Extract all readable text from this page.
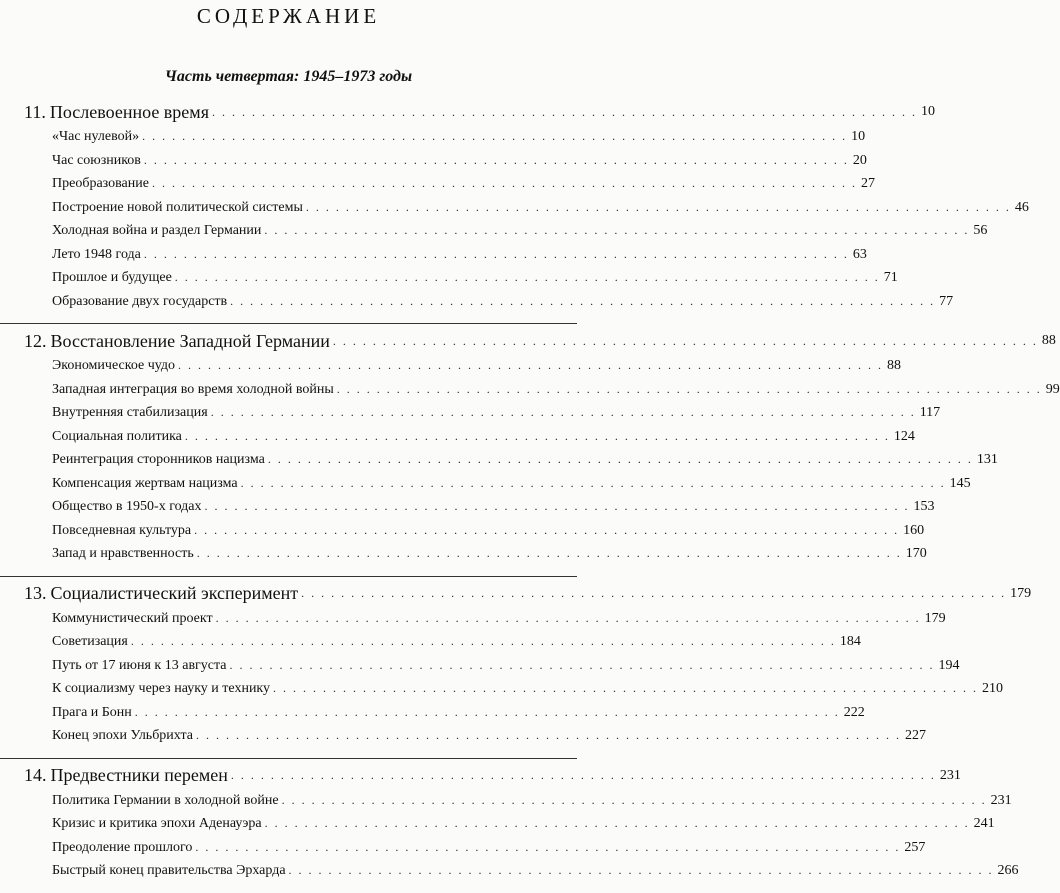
СОДЕРЖАНИЕ
Часть четвертая: 1945–1973 годы
11. Послевоенное время . . . . . . . . . . . . . . . . . . . . . . . . . . . . . . . . . . . . . . . . . . . . . . . . . . . . . . . . . . . . . . . . . . . . . . . 10
«Час нулевой» . . . . . . . . . . . . . . . . . . . . . . . . . . . . . . . . . . . . . . . . . . . . . . . . . . . . . . . . . . . . . . . . . . . . . . . 10
Час союзников . . . . . . . . . . . . . . . . . . . . . . . . . . . . . . . . . . . . . . . . . . . . . . . . . . . . . . . . . . . . . . . . . . . . . . . 20
Преобразование . . . . . . . . . . . . . . . . . . . . . . . . . . . . . . . . . . . . . . . . . . . . . . . . . . . . . . . . . . . . . . . . . . . . . . . 27
Построение новой политической системы . . . . . . . . . . . . . . . . . . . . . . . . . . . . . . . . . . . . . . . . . . . . . . . . . . . . . . . . . . . . . . . . . . . . . . . 46
Холодная война и раздел Германии . . . . . . . . . . . . . . . . . . . . . . . . . . . . . . . . . . . . . . . . . . . . . . . . . . . . . . . . . . . . . . . . . . . . . . . 56
Лето 1948 года . . . . . . . . . . . . . . . . . . . . . . . . . . . . . . . . . . . . . . . . . . . . . . . . . . . . . . . . . . . . . . . . . . . . . . . 63
Прошлое и будущее . . . . . . . . . . . . . . . . . . . . . . . . . . . . . . . . . . . . . . . . . . . . . . . . . . . . . . . . . . . . . . . . . . . . . . . 71
Образование двух государств . . . . . . . . . . . . . . . . . . . . . . . . . . . . . . . . . . . . . . . . . . . . . . . . . . . . . . . . . . . . . . . . . . . . . . . 77
12. Восстановление Западной Германии . . . . . . . . . . . . . . . . . . . . . . . . . . . . . . . . . . . . . . . . . . . . . . . . . . . . . . . . . . . . . . . . . . . . . . . 88
Экономическое чудо . . . . . . . . . . . . . . . . . . . . . . . . . . . . . . . . . . . . . . . . . . . . . . . . . . . . . . . . . . . . . . . . . . . . . . . 88
Западная интеграция во время холодной войны . . . . . . . . . . . . . . . . . . . . . . . . . . . . . . . . . . . . . . . . . . . . . . . . . . . . . . . . . . . . . . . . . . . . . . . 99
Внутренняя стабилизация . . . . . . . . . . . . . . . . . . . . . . . . . . . . . . . . . . . . . . . . . . . . . . . . . . . . . . . . . . . . . . . . . . . . . . . 117
Социальная политика . . . . . . . . . . . . . . . . . . . . . . . . . . . . . . . . . . . . . . . . . . . . . . . . . . . . . . . . . . . . . . . . . . . . . . . 124
Реинтеграция сторонников нацизма . . . . . . . . . . . . . . . . . . . . . . . . . . . . . . . . . . . . . . . . . . . . . . . . . . . . . . . . . . . . . . . . . . . . . . . 131
Компенсация жертвам нацизма . . . . . . . . . . . . . . . . . . . . . . . . . . . . . . . . . . . . . . . . . . . . . . . . . . . . . . . . . . . . . . . . . . . . . . . 145
Общество в 1950-х годах . . . . . . . . . . . . . . . . . . . . . . . . . . . . . . . . . . . . . . . . . . . . . . . . . . . . . . . . . . . . . . . . . . . . . . . 153
Повседневная культура . . . . . . . . . . . . . . . . . . . . . . . . . . . . . . . . . . . . . . . . . . . . . . . . . . . . . . . . . . . . . . . . . . . . . . . 160
Запад и нравственность . . . . . . . . . . . . . . . . . . . . . . . . . . . . . . . . . . . . . . . . . . . . . . . . . . . . . . . . . . . . . . . . . . . . . . . 170
13. Социалистический эксперимент . . . . . . . . . . . . . . . . . . . . . . . . . . . . . . . . . . . . . . . . . . . . . . . . . . . . . . . . . . . . . . . . . . . . . . . 179
Коммунистический проект . . . . . . . . . . . . . . . . . . . . . . . . . . . . . . . . . . . . . . . . . . . . . . . . . . . . . . . . . . . . . . . . . . . . . . . 179
Советизация . . . . . . . . . . . . . . . . . . . . . . . . . . . . . . . . . . . . . . . . . . . . . . . . . . . . . . . . . . . . . . . . . . . . . . . 184
Путь от 17 июня к 13 августа . . . . . . . . . . . . . . . . . . . . . . . . . . . . . . . . . . . . . . . . . . . . . . . . . . . . . . . . . . . . . . . . . . . . . . . 194
К социализму через науку и технику . . . . . . . . . . . . . . . . . . . . . . . . . . . . . . . . . . . . . . . . . . . . . . . . . . . . . . . . . . . . . . . . . . . . . . . 210
Прага и Бонн . . . . . . . . . . . . . . . . . . . . . . . . . . . . . . . . . . . . . . . . . . . . . . . . . . . . . . . . . . . . . . . . . . . . . . . 222
Конец эпохи Ульбрихта . . . . . . . . . . . . . . . . . . . . . . . . . . . . . . . . . . . . . . . . . . . . . . . . . . . . . . . . . . . . . . . . . . . . . . . 227
14. Предвестники перемен . . . . . . . . . . . . . . . . . . . . . . . . . . . . . . . . . . . . . . . . . . . . . . . . . . . . . . . . . . . . . . . . . . . . . . . 231
Политика Германии в холодной войне . . . . . . . . . . . . . . . . . . . . . . . . . . . . . . . . . . . . . . . . . . . . . . . . . . . . . . . . . . . . . . . . . . . . . . . 231
Кризис и критика эпохи Аденауэра . . . . . . . . . . . . . . . . . . . . . . . . . . . . . . . . . . . . . . . . . . . . . . . . . . . . . . . . . . . . . . . . . . . . . . . 241
Преодоление прошлого . . . . . . . . . . . . . . . . . . . . . . . . . . . . . . . . . . . . . . . . . . . . . . . . . . . . . . . . . . . . . . . . . . . . . . . 257
Быстрый конец правительства Эрхарда . . . . . . . . . . . . . . . . . . . . . . . . . . . . . . . . . . . . . . . . . . . . . . . . . . . . . . . . . . . . . . . . . . . . . . . 266
